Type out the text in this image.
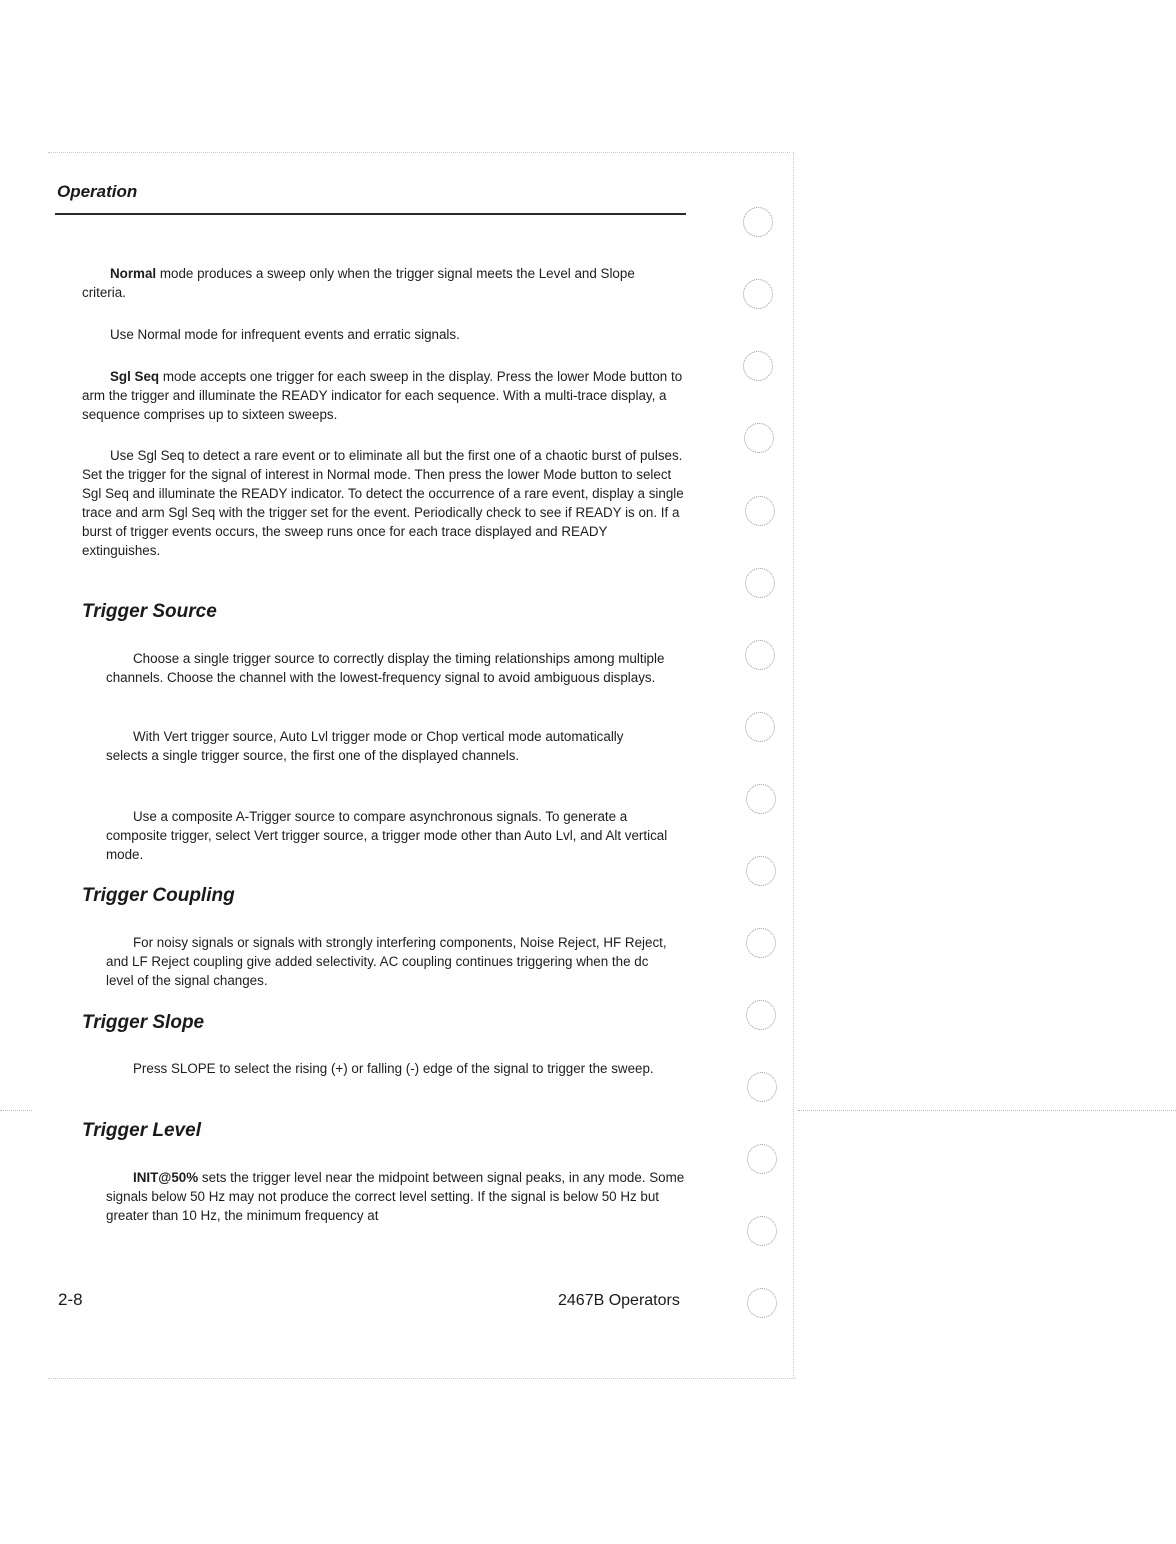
Operation

Normal mode produces a sweep only when the trigger signal meets the Level and Slope criteria.

Use Normal mode for infrequent events and erratic signals.

Sgl Seq mode accepts one trigger for each sweep in the display. Press the lower Mode button to arm the trigger and illuminate the READY indicator for each sequence. With a multi-trace display, a sequence comprises up to sixteen sweeps.

Use Sgl Seq to detect a rare event or to eliminate all but the first one of a chaotic burst of pulses. Set the trigger for the signal of interest in Normal mode. Then press the lower Mode button to select Sgl Seq and illuminate the READY indicator. To detect the occurrence of a rare event, display a single trace and arm Sgl Seq with the trigger set for the event. Periodically check to see if READY is on. If a burst of trigger events occurs, the sweep runs once for each trace displayed and READY extinguishes.

Trigger Source

Choose a single trigger source to correctly display the timing relationships among multiple channels. Choose the channel with the lowest-frequency signal to avoid ambiguous displays.

With Vert trigger source, Auto Lvl trigger mode or Chop vertical mode automatically selects a single trigger source, the first one of the displayed channels.

Use a composite A-Trigger source to compare asynchronous signals. To generate a composite trigger, select Vert trigger source, a trigger mode other than Auto Lvl, and Alt vertical mode.

Trigger Coupling

For noisy signals or signals with strongly interfering components, Noise Reject, HF Reject, and LF Reject coupling give added selectivity. AC coupling continues triggering when the dc level of the signal changes.

Trigger Slope

Press SLOPE to select the rising (+) or falling (-) edge of the signal to trigger the sweep.

Trigger Level

INIT@50% sets the trigger level near the midpoint between signal peaks, in any mode. Some signals below 50 Hz may not produce the correct level setting. If the signal is below 50 Hz but greater than 10 Hz, the minimum frequency at

2-8	2467B Operators
